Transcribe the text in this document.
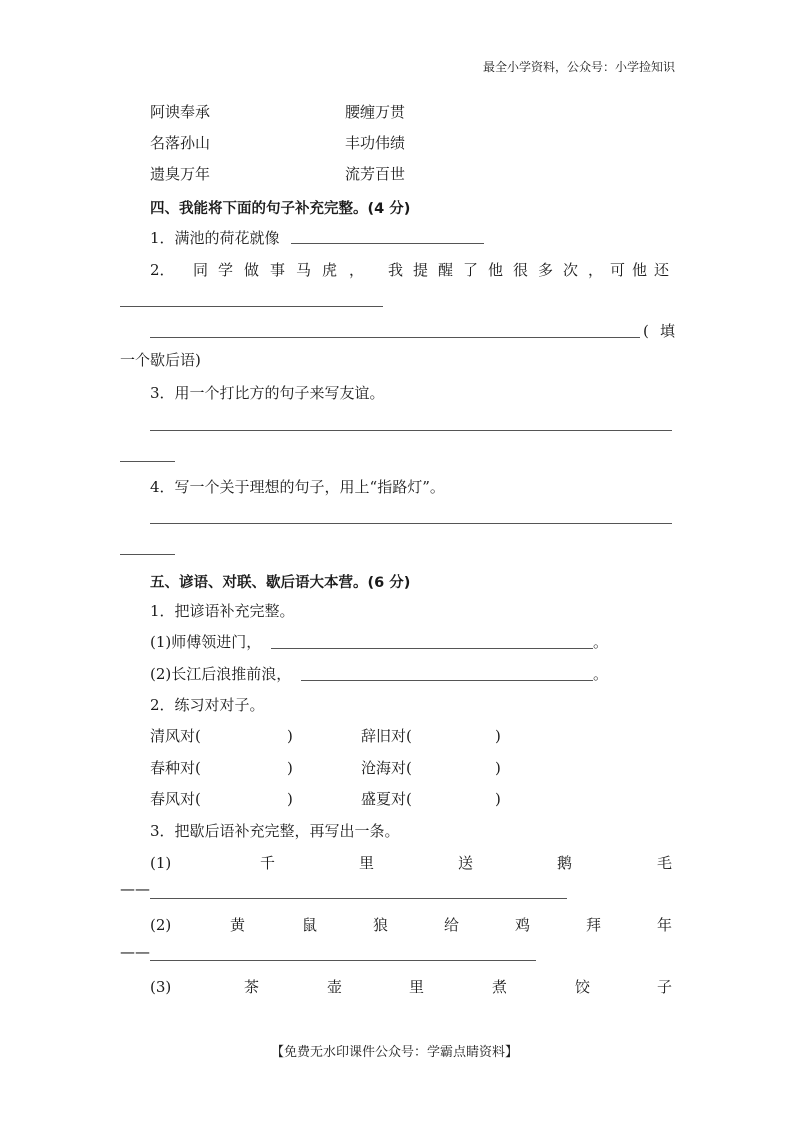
最全小学资料，公众号：小学捡知识
阿谀奉承	腰缠万贯
名落孙山	丰功伟绩
遗臭万年	流芳百世
四、我能将下面的句子补充完整。(4 分)
1．满池的荷花就像
2． 同 学 做 事 马 虎 ， 我 提 醒 了 他 很 多 次 ， 可 他 还
( 填
一个歇后语)
3．用一个打比方的句子来写友谊。
4．写一个关于理想的句子，用上“指路灯”。
五、谚语、对联、歇后语大本营。(6 分)
1．把谚语补充完整。
(1)师傅领进门，	。
(2)长江后浪推前浪，	。
2．练习对对子。
清风对(	)	辞旧对(	)
春种对(	)	沧海对(	)
春风对(	)	盛夏对(	)
3．把歇后语补充完整，再写出一条。
(1)	千	里	送	鹅	毛
——
(2)	黄	鼠	狼	给	鸡	拜	年
——
(3)	茶	壶	里	煮	饺	子
【免费无水印课件公众号：学霸点睛资料】
